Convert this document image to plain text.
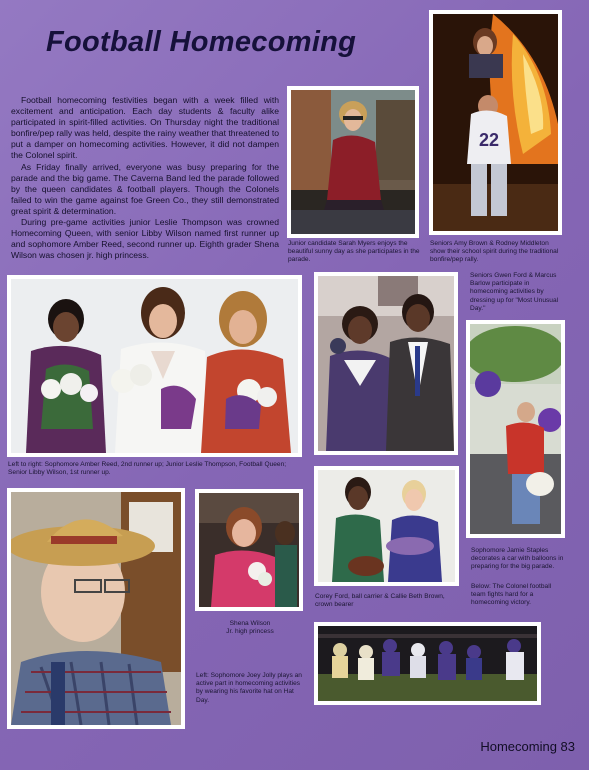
Football Homecoming

Football homecoming festivities began with a week filled with excitement and anticipation. Each day students & faculty alike participated in spirit-filled activities. On Thursday night the traditional bonfire/pep rally was held, despite the rainy weather that threatened to put a damper on homecoming activities. However, it did not dampen the Colonel spirit.

As Friday finally arrived, everyone was busy preparing for the parade and the big game. The Caverna Band led the parade followed by the queen candidates & football players. Though the Colonels failed to win the game against foe Green Co., they still demonstrated great spirit & determination.

During pre-game activities junior Leslie Thompson was crowned Homecoming Queen, with senior Libby Wilson named first runner up and sophomore Amber Reed, second runner up. Eighth grader Shena Wilson was chosen jr. high princess.

Junior candidate Sarah Myers enjoys the beautiful sunny day as she participates in the parade.
22
Seniors Amy Brown & Rodney Middleton show their school spirit during the traditional bonfire/pep rally.
Seniors Gwen Ford & Marcus Barlow participate in homecoming activities by dressing up for "Most Unusual Day."
Left to right: Sophomore Amber Reed, 2nd runner up; Junior Leslie Thompson, Football Queen; Senior Libby Wilson, 1st runner up.
Sophomore Jamie Staples decorates a car with balloons in preparing for the big parade.
Below: The Colonel football team fights hard for a homecoming victory.
Left: Sophomore Joey Jolly plays an active part in homecoming activities by wearing his favorite hat on Hat Day.
Shena Wilson
Jr. high princess
Corey Ford, ball carrier & Callie Beth Brown, crown bearer
Homecoming 83
